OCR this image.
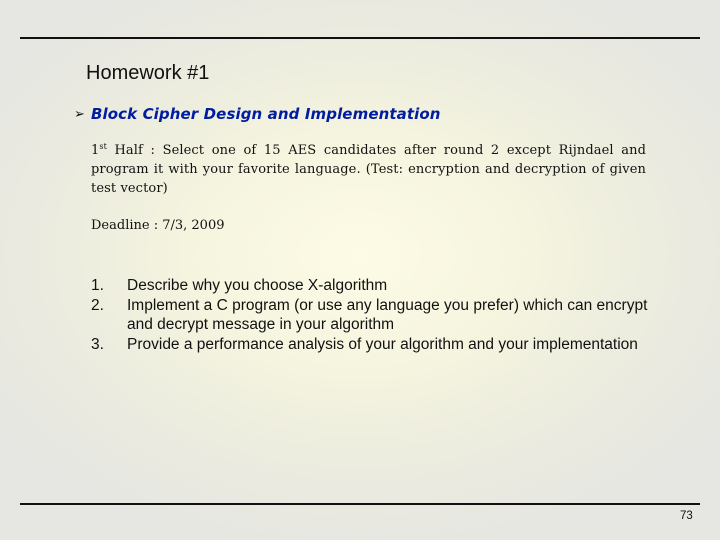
Homework #1
➢ Block Cipher Design and Implementation

1st Half : Select one of 15 AES candidates after round 2 except Rijndael and program it with your favorite language. (Test: encryption and decryption of given test vector)

Deadline : 7/3, 2009
1.	Describe why you choose X-algorithm
2.	Implement a C program (or use any language you prefer) which can encrypt and decrypt message in your algorithm
3.	Provide a performance analysis of your algorithm and your implementation
73
